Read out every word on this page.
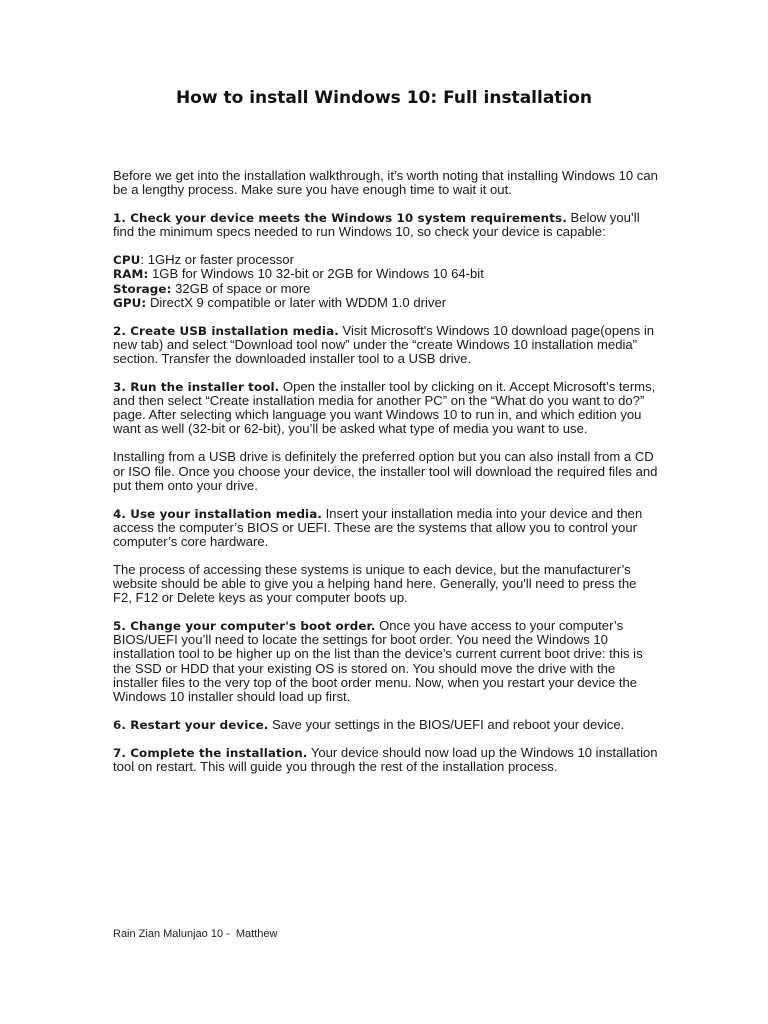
How to install Windows 10: Full installation

Before we get into the installation walkthrough, it’s worth noting that installing Windows 10 can be a lengthy process. Make sure you have enough time to wait it out.

1. Check your device meets the Windows 10 system requirements. Below you’ll find the minimum specs needed to run Windows 10, so check your device is capable:

CPU: 1GHz or faster processor
RAM: 1GB for Windows 10 32-bit or 2GB for Windows 10 64-bit
Storage: 32GB of space or more
GPU: DirectX 9 compatible or later with WDDM 1.0 driver

2. Create USB installation media. Visit Microsoft's Windows 10 download page(opens in new tab) and select “Download tool now” under the “create Windows 10 installation media” section. Transfer the downloaded installer tool to a USB drive.

3. Run the installer tool. Open the installer tool by clicking on it. Accept Microsoft’s terms, and then select “Create installation media for another PC” on the “What do you want to do?” page. After selecting which language you want Windows 10 to run in, and which edition you want as well (32-bit or 62-bit), you’ll be asked what type of media you want to use.

Installing from a USB drive is definitely the preferred option but you can also install from a CD or ISO file. Once you choose your device, the installer tool will download the required files and put them onto your drive.

4. Use your installation media. Insert your installation media into your device and then access the computer’s BIOS or UEFI. These are the systems that allow you to control your computer’s core hardware.

The process of accessing these systems is unique to each device, but the manufacturer’s website should be able to give you a helping hand here. Generally, you'll need to press the F2, F12 or Delete keys as your computer boots up.

5. Change your computer's boot order. Once you have access to your computer’s BIOS/UEFI you’ll need to locate the settings for boot order. You need the Windows 10 installation tool to be higher up on the list than the device’s current current boot drive: this is the SSD or HDD that your existing OS is stored on. You should move the drive with the installer files to the very top of the boot order menu. Now, when you restart your device the Windows 10 installer should load up first.

6. Restart your device. Save your settings in the BIOS/UEFI and reboot your device.

7. Complete the installation. Your device should now load up the Windows 10 installation tool on restart. This will guide you through the rest of the installation process.

Rain Zian Malunjao 10 -  Matthew
